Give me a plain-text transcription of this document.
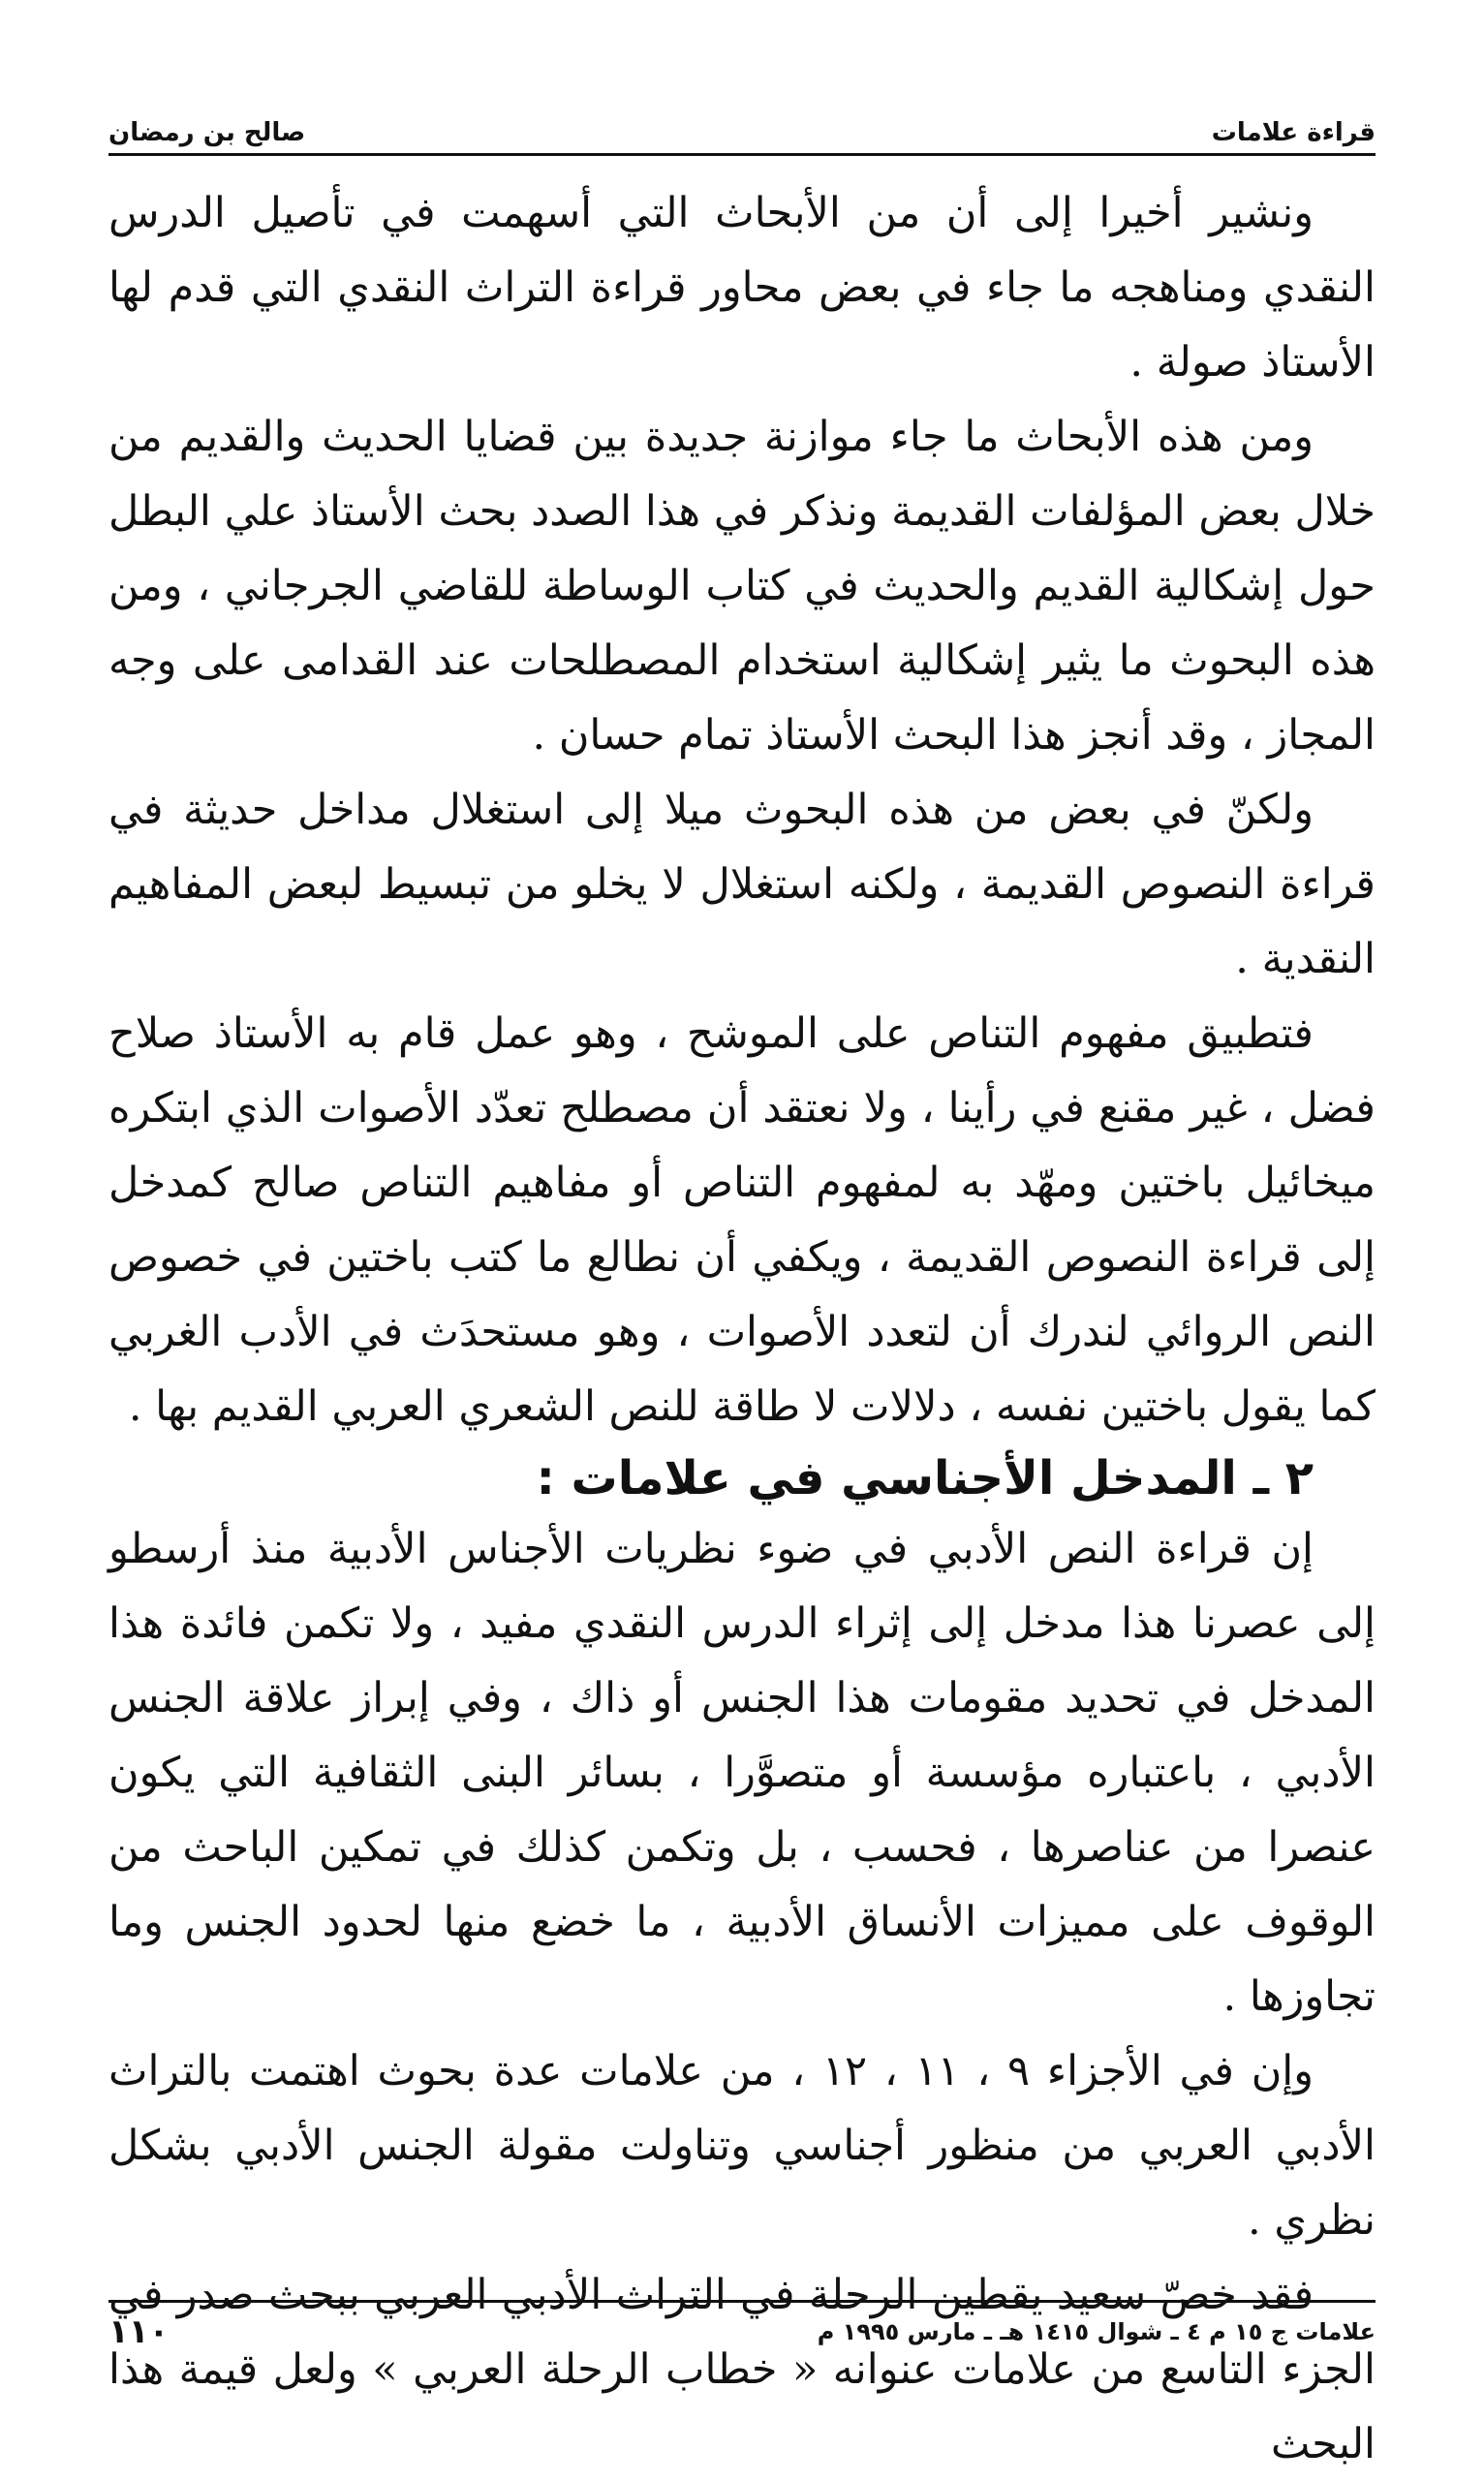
قراءة علامات
صالح بن رمضان

ونشير أخيرا إلى أن من الأبحاث التي أسهمت في تأصيل الدرس النقدي ومناهجه ما جاء في بعض محاور قراءة التراث النقدي التي قدم لها الأستاذ صولة .

ومن هذه الأبحاث ما جاء موازنة جديدة بين قضايا الحديث والقديم من خلال بعض المؤلفات القديمة ونذكر في هذا الصدد بحث الأستاذ علي البطل حول إشكالية القديم والحديث في كتاب الوساطة للقاضي الجرجاني ، ومن هذه البحوث ما يثير إشكالية استخدام المصطلحات عند القدامى على وجه المجاز ، وقد أنجز هذا البحث الأستاذ تمام حسان .

ولكنّ في بعض من هذه البحوث ميلا إلى استغلال مداخل حديثة في قراءة النصوص القديمة ، ولكنه استغلال لا يخلو من تبسيط لبعض المفاهيم النقدية .

فتطبيق مفهوم التناص على الموشح ، وهو عمل قام به الأستاذ صلاح فضل ، غير مقنع في رأينا ، ولا نعتقد أن مصطلح تعدّد الأصوات الذي ابتكره ميخائيل باختين ومهّد به لمفهوم التناص أو مفاهيم التناص صالح كمدخل إلى قراءة النصوص القديمة ، ويكفي أن نطالع ما كتب باختين في خصوص النص الروائي لندرك أن لتعدد الأصوات ، وهو مستحدَث في الأدب الغربي كما يقول باختين نفسه ، دلالات لا طاقة للنص الشعري العربي القديم بها .

٢ ـ المدخل الأجناسي في علامات :

إن قراءة النص الأدبي في ضوء نظريات الأجناس الأدبية منذ أرسطو إلى عصرنا هذا مدخل إلى إثراء الدرس النقدي مفيد ، ولا تكمن فائدة هذا المدخل في تحديد مقومات هذا الجنس أو ذاك ، وفي إبراز علاقة الجنس الأدبي ، باعتباره مؤسسة أو متصوَّرا ، بسائر البنى الثقافية التي يكون عنصرا من عناصرها ، فحسب ، بل وتكمن كذلك في تمكين الباحث من الوقوف على مميزات الأنساق الأدبية ، ما خضع منها لحدود الجنس وما تجاوزها .

وإن في الأجزاء ٩ ، ١١ ، ١٢ ، من علامات عدة بحوث اهتمت بالتراث الأدبي العربي من منظور أجناسي وتناولت مقولة الجنس الأدبي بشكل نظري .

فقد خصّ سعيد يقطين الرحلة في التراث الأدبي العربي ببحث صدر في الجزء التاسع من علامات عنوانه « خطاب الرحلة العربي » ولعل قيمة هذا البحث

علامات ج ١٥ م ٤ ـ شوال ١٤١٥ هـ ـ مارس ١٩٩٥ م
١١٠
